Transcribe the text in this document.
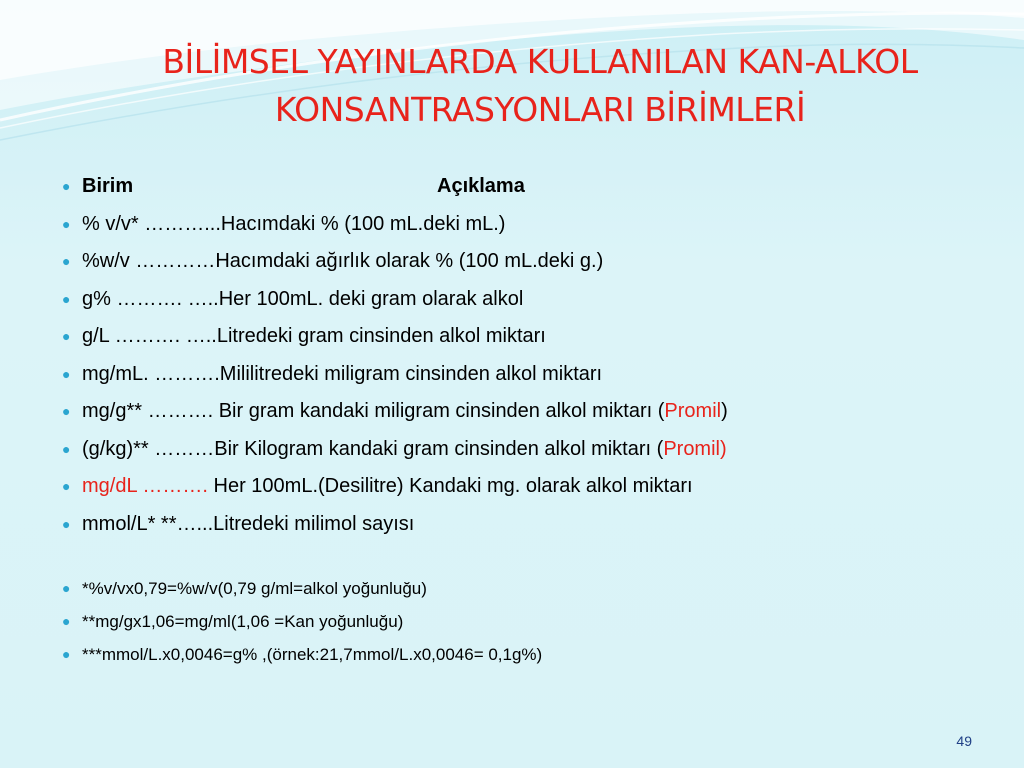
BİLİMSEL YAYINLARDA KULLANILAN KAN-ALKOL
KONSANTRASYONLARI BİRİMLERİ
● Birim	Açıklama
● % v/v* ………...Hacımdaki % (100 mL.deki mL.)
● %w/v …………Hacımdaki ağırlık olarak % (100 mL.deki g.)
● g% ………. …..Her 100mL. deki gram olarak alkol
● g/L ………. …..Litredeki gram cinsinden alkol miktarı
● mg/mL. ……….Mililitredeki miligram cinsinden alkol miktarı
● mg/g** ………. Bir gram kandaki miligram cinsinden alkol miktarı (Promil)
● (g/kg)** ………Bir Kilogram kandaki gram cinsinden alkol miktarı (Promil)
● mg/dL ………. Her 100mL.(Desilitre) Kandaki mg. olarak alkol miktarı
● mmol/L* **…...Litredeki milimol sayısı
● *%v/vx0,79=%w/v(0,79 g/ml=alkol yoğunluğu)
● **mg/gx1,06=mg/ml(1,06 =Kan yoğunluğu)
● ***mmol/L.x0,0046=g% ,(örnek:21,7mmol/L.x0,0046= 0,1g%)
49
